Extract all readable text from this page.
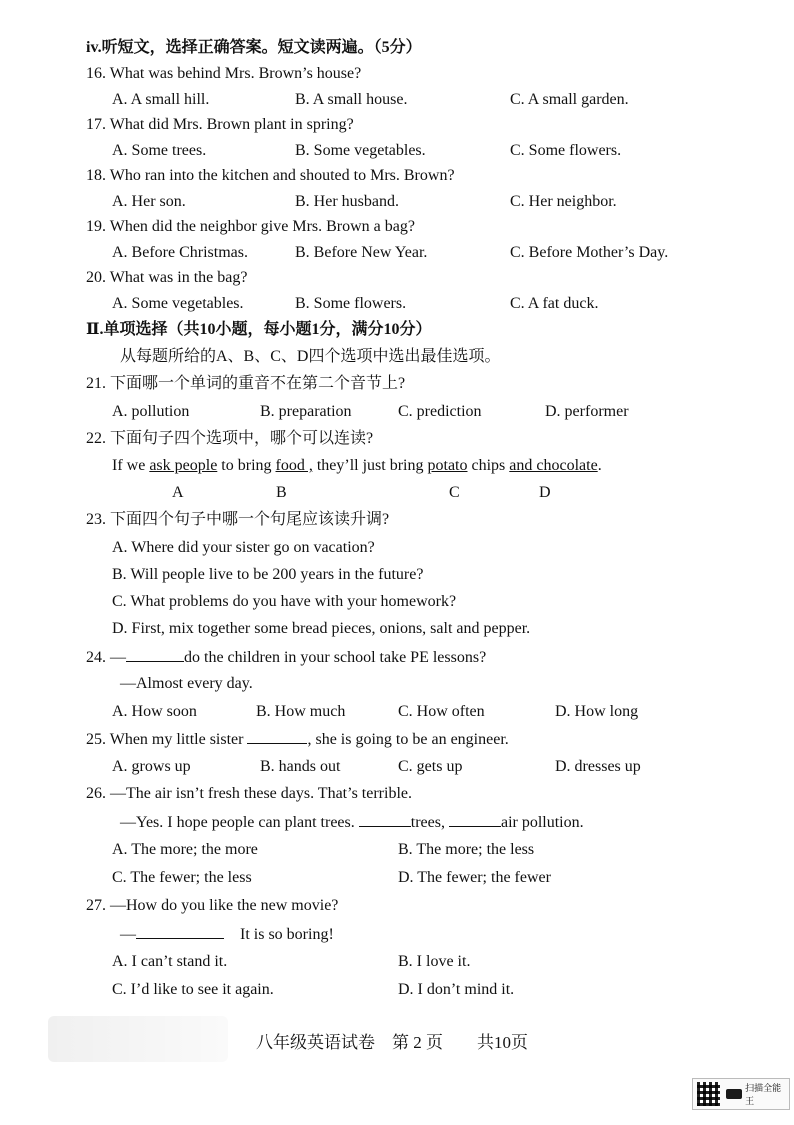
iv.听短文，选择正确答案。短文读两遍。（5分）
16. What was behind Mrs. Brown’s house?
A. A small hill.	B. A small house.	C. A small garden.
17. What did Mrs. Brown plant in spring?
A. Some trees.	B. Some vegetables.	C. Some flowers.
18. Who ran into the kitchen and shouted to Mrs. Brown?
A. Her son.	B. Her husband.	C. Her neighbor.
19. When did the neighbor give Mrs. Brown a bag?
A. Before Christmas.	B. Before New Year.	C. Before Mother’s Day.
20. What was in the bag?
A. Some vegetables.	B. Some flowers.	C. A fat duck.
Ⅱ.单项选择（共10小题，每小题1分，满分10分）
从每题所给的A、B、C、D四个选项中选出最佳选项。
21. 下面哪一个单词的重音不在第二个音节上?
A. pollution	B. preparation	C. prediction	D. performer
22. 下面句子四个选项中，哪个可以连读?
If we ask people to bring food , they’ll just bring potato chips and chocolate.
A	B	C	D
23. 下面四个句子中哪一个句尾应该读升调?
A. Where did your sister go on vacation?
B. Will people live to be 200 years in the future?
C. What problems do you have with your homework?
D. First, mix together some bread pieces, onions, salt and pepper.
24. —	do the children in your school take PE lessons?
—Almost every day.
A. How soon	B. How much	C. How often	D. How long
25. When my little sister	, she is going to be an engineer.
A. grows up	B. hands out	C. gets up	D. dresses up
26. —The air isn’t fresh these days. That’s terrible.
—Yes. I hope people can plant trees.	trees,	air pollution.
A. The more; the more	B. The more; the less
C. The fewer; the less	D. The fewer; the fewer
27. —How do you like the new movie?
—	It is so boring!
A. I can’t stand it.	B. I love it.
C. I’d like to see it again.	D. I don’t mind it.
八年级英语试卷　第 2 页　　共10页
扫描全能王
